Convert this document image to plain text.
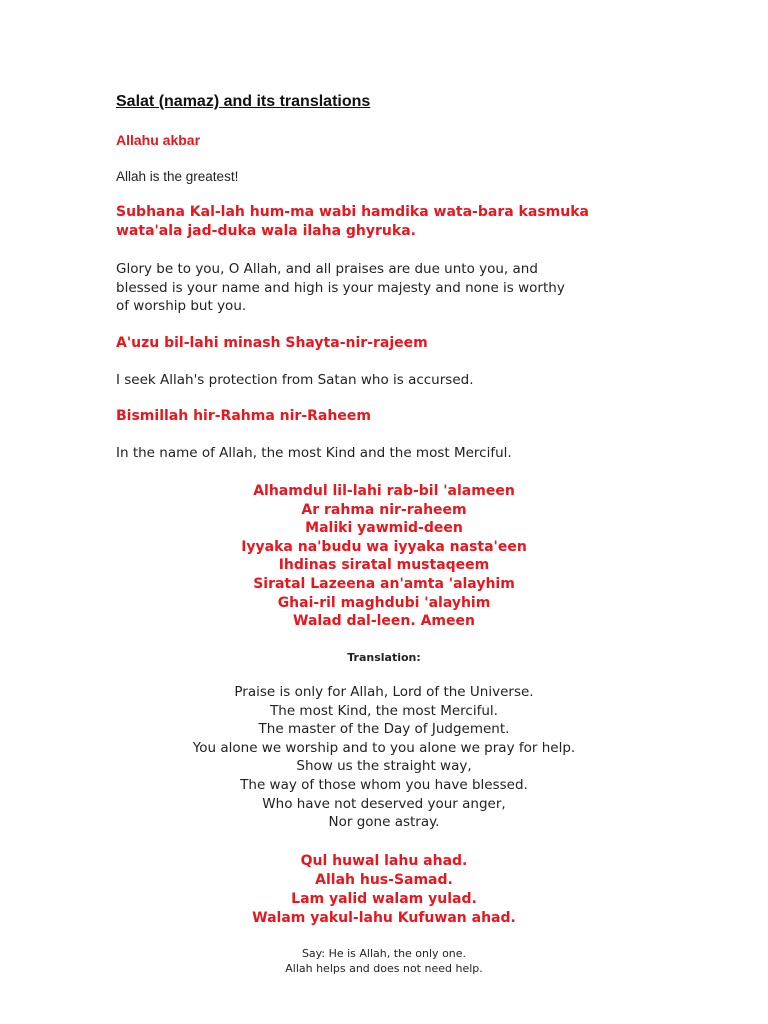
Salat (namaz) and its translations

Allahu akbar

Allah is the greatest!

Subhana Kal-lah hum-ma wabi hamdika wata-bara kasmuka
wata'ala jad-duka wala ilaha ghyruka.
Glory be to you, O Allah, and all praises are due unto you, and
blessed is your name and high is your majesty and none is worthy
of worship but you.

A'uzu bil-lahi minash Shayta-nir-rajeem

I seek Allah's protection from Satan who is accursed.

Bismillah hir-Rahma nir-Raheem

In the name of Allah, the most Kind and the most Merciful.

Alhamdul lil-lahi rab-bil 'alameen
Ar rahma nir-raheem
Maliki yawmid-deen
Iyyaka na'budu wa iyyaka nasta'een
Ihdinas siratal mustaqeem
Siratal Lazeena an'amta 'alayhim
Ghai-ril maghdubi 'alayhim
Walad dal-leen. Ameen

Translation:

Praise is only for Allah, Lord of the Universe.
The most Kind, the most Merciful.
The master of the Day of Judgement.
You alone we worship and to you alone we pray for help.
Show us the straight way,
The way of those whom you have blessed.
Who have not deserved your anger,
Nor gone astray.
Qul huwal lahu ahad.
Allah hus-Samad.
Lam yalid walam yulad.
Walam yakul-lahu Kufuwan ahad.
Say: He is Allah, the only one.
Allah helps and does not need help.
